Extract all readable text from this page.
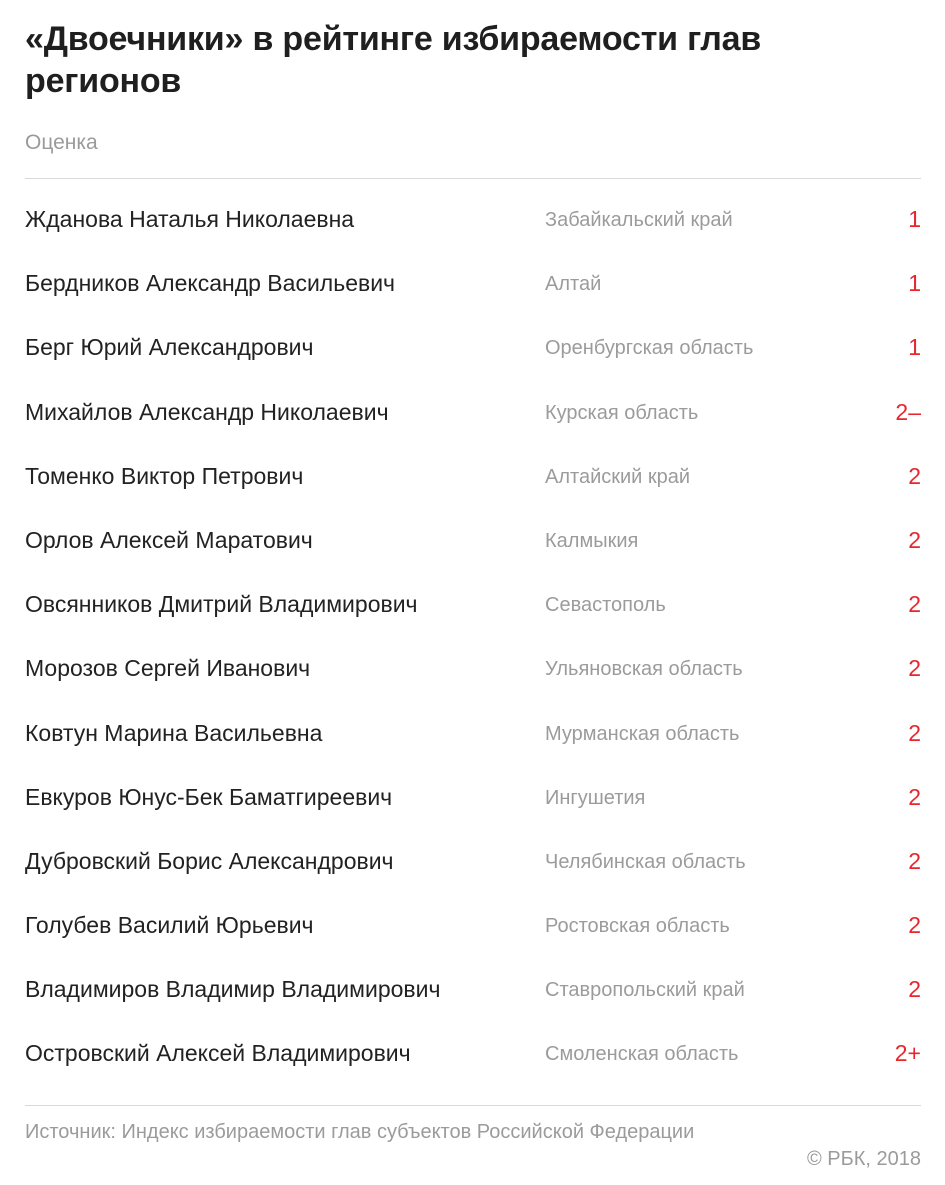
«Двоечники» в рейтинге избираемости глав регионов
Оценка
Жданова Наталья Николаевна	Забайкальский край	1
Бердников Александр Васильевич	Алтай	1
Берг Юрий Александрович	Оренбургская область	1
Михайлов Александр Николаевич	Курская область	2–
Томенко Виктор Петрович	Алтайский край	2
Орлов Алексей Маратович	Калмыкия	2
Овсянников Дмитрий Владимирович	Севастополь	2
Морозов Сергей Иванович	Ульяновская область	2
Ковтун Марина Васильевна	Мурманская область	2
Евкуров Юнус-Бек Баматгиреевич	Ингушетия	2
Дубровский Борис Александрович	Челябинская область	2
Голубев Василий Юрьевич	Ростовская область	2
Владимиров Владимир Владимирович	Ставропольский край	2
Островский Алексей Владимирович	Смоленская область	2+
Источник: Индекс избираемости глав субъектов Российской Федерации
© РБК, 2018
